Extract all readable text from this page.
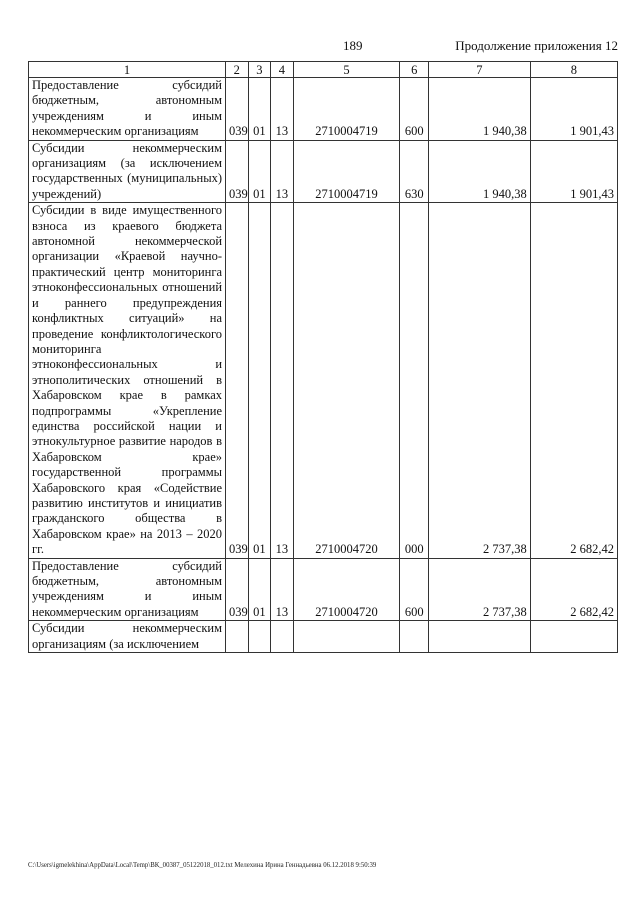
189	Продолжение приложения 12
1	2	3	4	5	6	7	8
Предоставление субсидий бюджетным, автономным учреждениям и иным некоммерческим организациям	039	01	13	2710004719	600	1 940,38	1 901,43
Субсидии некоммерческим организациям (за исключением государственных (муниципальных) учреждений)	039	01	13	2710004719	630	1 940,38	1 901,43
Субсидии в виде имущественного взноса из краевого бюджета автономной некоммерческой организации «Краевой научно-практический центр мониторинга этноконфессиональных отношений и раннего предупреждения конфликтных ситуаций» на проведение конфликтологического мониторинга этноконфессиональных и этнополитических отношений в Хабаровском крае в рамках подпрограммы «Укрепление единства российской нации и этнокультурное развитие народов в Хабаровском крае» государственной программы Хабаровского края «Содействие развитию институтов и инициатив гражданского общества в Хабаровском крае» на 2013 – 2020 гг.	039	01	13	2710004720	000	2 737,38	2 682,42
Предоставление субсидий бюджетным, автономным учреждениям и иным некоммерческим организациям	039	01	13	2710004720	600	2 737,38	2 682,42
Субсидии некоммерческим организациям (за исключением							
C:\Users\igmelekhina\AppData\Local\Temp\ВК_00387_05122018_012.txt Мелехина Ирина Геннадьевна 06.12.2018 9:50:39
